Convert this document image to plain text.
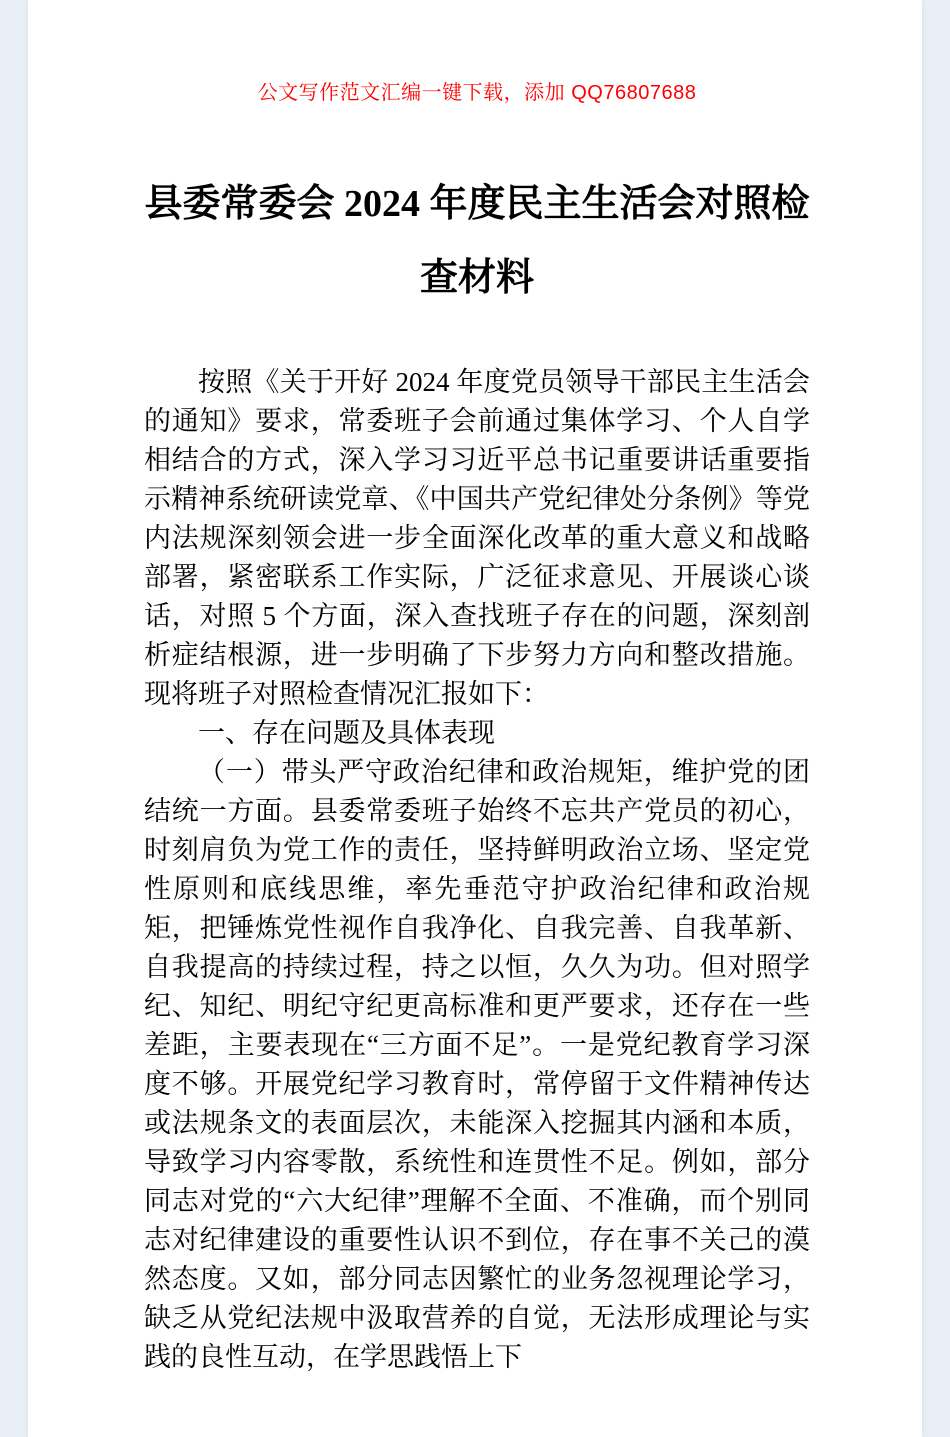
公文写作范文汇编一键下载，添加 QQ76807688
县委常委会 2024 年度民主生活会对照检查材料

按照《关于开好 2024 年度党员领导干部民主生活会的通知》要求，常委班子会前通过集体学习、个人自学相结合的方式，深入学习习近平总书记重要讲话重要指示精神系统研读党章、《中国共产党纪律处分条例》等党内法规深刻领会进一步全面深化改革的重大意义和战略部署，紧密联系工作实际，广泛征求意见、开展谈心谈话，对照 5 个方面，深入查找班子存在的问题，深刻剖析症结根源，进一步明确了下步努力方向和整改措施。现将班子对照检查情况汇报如下：

一、存在问题及具体表现

（一）带头严守政治纪律和政治规矩，维护党的团结统一方面。县委常委班子始终不忘共产党员的初心，时刻肩负为党工作的责任，坚持鲜明政治立场、坚定党性原则和底线思维，率先垂范守护政治纪律和政治规矩，把锤炼党性视作自我净化、自我完善、自我革新、自我提高的持续过程，持之以恒，久久为功。但对照学纪、知纪、明纪守纪更高标准和更严要求，还存在一些差距，主要表现在“三方面不足”。一是党纪教育学习深度不够。开展党纪学习教育时，常停留于文件精神传达或法规条文的表面层次，未能深入挖掘其内涵和本质，导致学习内容零散，系统性和连贯性不足。例如，部分同志对党的“六大纪律”理解不全面、不准确，而个别同志对纪律建设的重要性认识不到位，存在事不关己的漠然态度。又如，部分同志因繁忙的业务忽视理论学习，缺乏从党纪法规中汲取营养的自觉，无法形成理论与实践的良性互动，在学思践悟上下
